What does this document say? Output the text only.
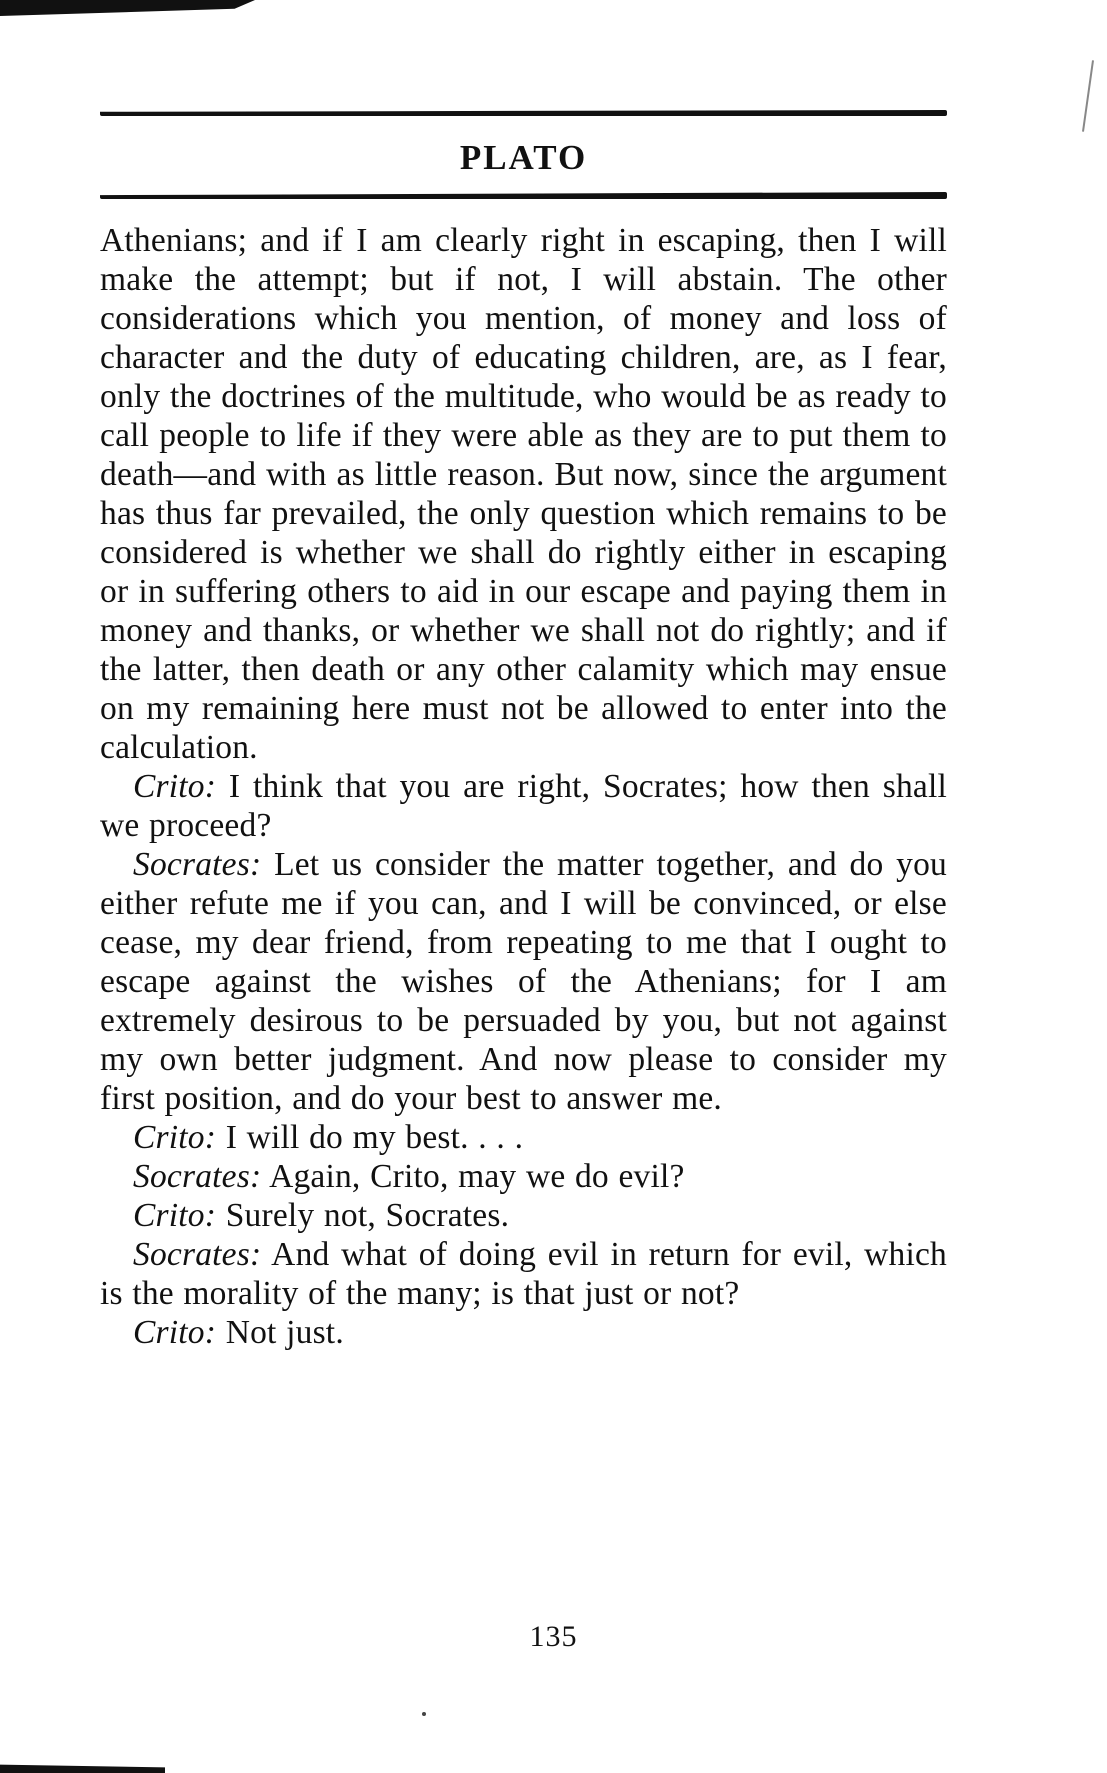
PLATO

Athenians; and if I am clearly right in escaping, then I will make the attempt; but if not, I will abstain. The other considerations which you mention, of money and loss of character and the duty of educating children, are, as I fear, only the doctrines of the multitude, who would be as ready to call people to life if they were able as they are to put them to death—and with as little reason. But now, since the argument has thus far prevailed, the only question which remains to be considered is whether we shall do rightly either in escaping or in suffering others to aid in our escape and paying them in money and thanks, or whether we shall not do rightly; and if the latter, then death or any other calamity which may ensue on my remaining here must not be allowed to enter into the calculation.

Crito: I think that you are right, Socrates; how then shall we proceed?

Socrates: Let us consider the matter together, and do you either refute me if you can, and I will be convinced, or else cease, my dear friend, from repeating to me that I ought to escape against the wishes of the Athenians; for I am extremely desirous to be persuaded by you, but not against my own better judgment. And now please to consider my first position, and do your best to answer me.

Crito: I will do my best. . . .

Socrates: Again, Crito, may we do evil?

Crito: Surely not, Socrates.

Socrates: And what of doing evil in return for evil, which is the morality of the many; is that just or not?

Crito: Not just.

135
